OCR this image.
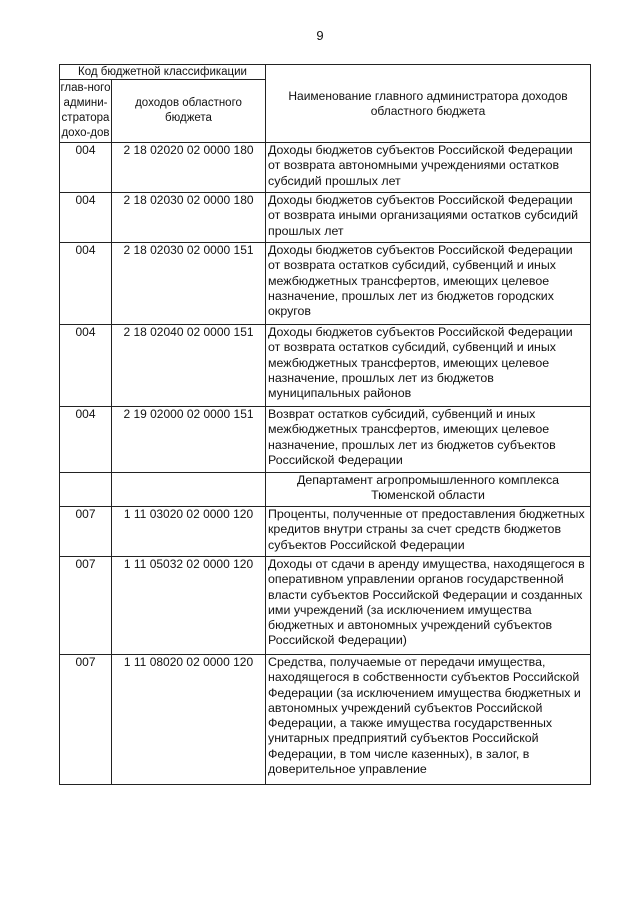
9
Код бюджетной классификации		Наименование главного администратора доходов областного бюджета
глав-ного админи-стратора дохо-дов	доходов областного бюджета	
004	2 18 02020 02 0000 180	Доходы бюджетов субъектов Российской Федерации от возврата автономными учреждениями остатков субсидий прошлых лет
004	2 18 02030 02 0000 180	Доходы бюджетов субъектов Российской Федерации от возврата иными организациями остатков субсидий прошлых лет
004	2 18 02030 02 0000 151	Доходы бюджетов субъектов Российской Федерации от возврата остатков субсидий, субвенций и иных межбюджетных трансфертов, имеющих целевое назначение, прошлых лет из бюджетов городских округов
004	2 18 02040 02 0000 151	Доходы бюджетов субъектов Российской Федерации от возврата остатков субсидий, субвенций и иных межбюджетных трансфертов, имеющих целевое назначение, прошлых лет из бюджетов муниципальных районов
004	2 19 02000 02 0000 151	Возврат остатков субсидий, субвенций и иных межбюджетных трансфертов, имеющих целевое назначение, прошлых лет из бюджетов субъектов Российской Федерации
		Департамент агропромышленного комплекса Тюменской области
007	1 11 03020 02 0000 120	Проценты, полученные от предоставления бюджетных кредитов внутри страны за счет средств бюджетов субъектов Российской Федерации
007	1 11 05032 02 0000 120	Доходы от сдачи в аренду имущества, находящегося в оперативном управлении органов государственной власти субъектов Российской Федерации и созданных ими учреждений (за исключением имущества бюджетных и автономных учреждений субъектов Российской Федерации)
007	1 11 08020 02 0000 120	Средства, получаемые от передачи имущества, находящегося в собственности субъектов Российской Федерации (за исключением имущества бюджетных и автономных учреждений субъектов Российской Федерации, а также имущества государственных унитарных предприятий субъектов Российской Федерации, в том числе казенных), в залог, в доверительное управление
